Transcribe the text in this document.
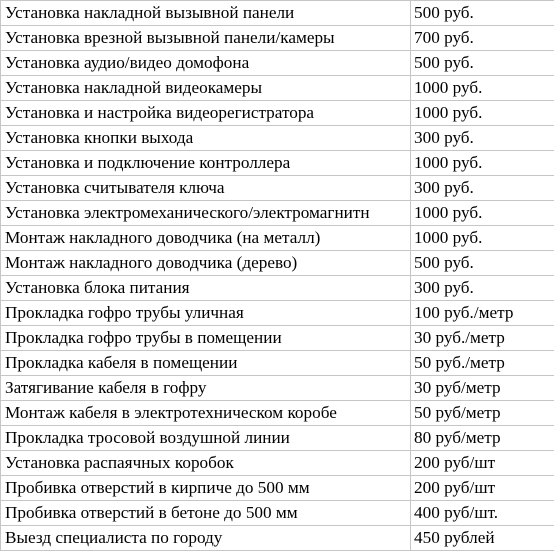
Установка накладной вызывной панели	500 руб.
Установка врезной вызывной панели/камеры	700 руб.
Установка аудио/видео домофона	500 руб.
Установка накладной видеокамеры	1000 руб.
Установка и настройка видеорегистратора	1000 руб.
Установка кнопки выхода	300 руб.
Установка и подключение контроллера	1000 руб.
Установка считывателя ключа	300 руб.
Установка электромеханического/электромагнитн	1000 руб.
Монтаж накладного доводчика (на металл)	1000 руб.
Монтаж накладного доводчика (дерево)	500 руб.
Установка блока питания	300 руб.
Прокладка гофро трубы уличная	100 руб./метр
Прокладка гофро трубы в помещении	30 руб./метр
Прокладка кабеля в помещении	50 руб./метр
Затягивание кабеля в гофру	30 руб/метр
Монтаж кабеля в электротехническом коробе	50 руб/метр
Прокладка тросовой воздушной линии	80 руб/метр
Установка распаячных коробок	200 руб/шт
Пробивка отверстий в кирпиче до 500 мм	200 руб/шт
Пробивка отверстий в бетоне до 500 мм	400 руб/шт.
Выезд специалиста по городу	450 рублей
